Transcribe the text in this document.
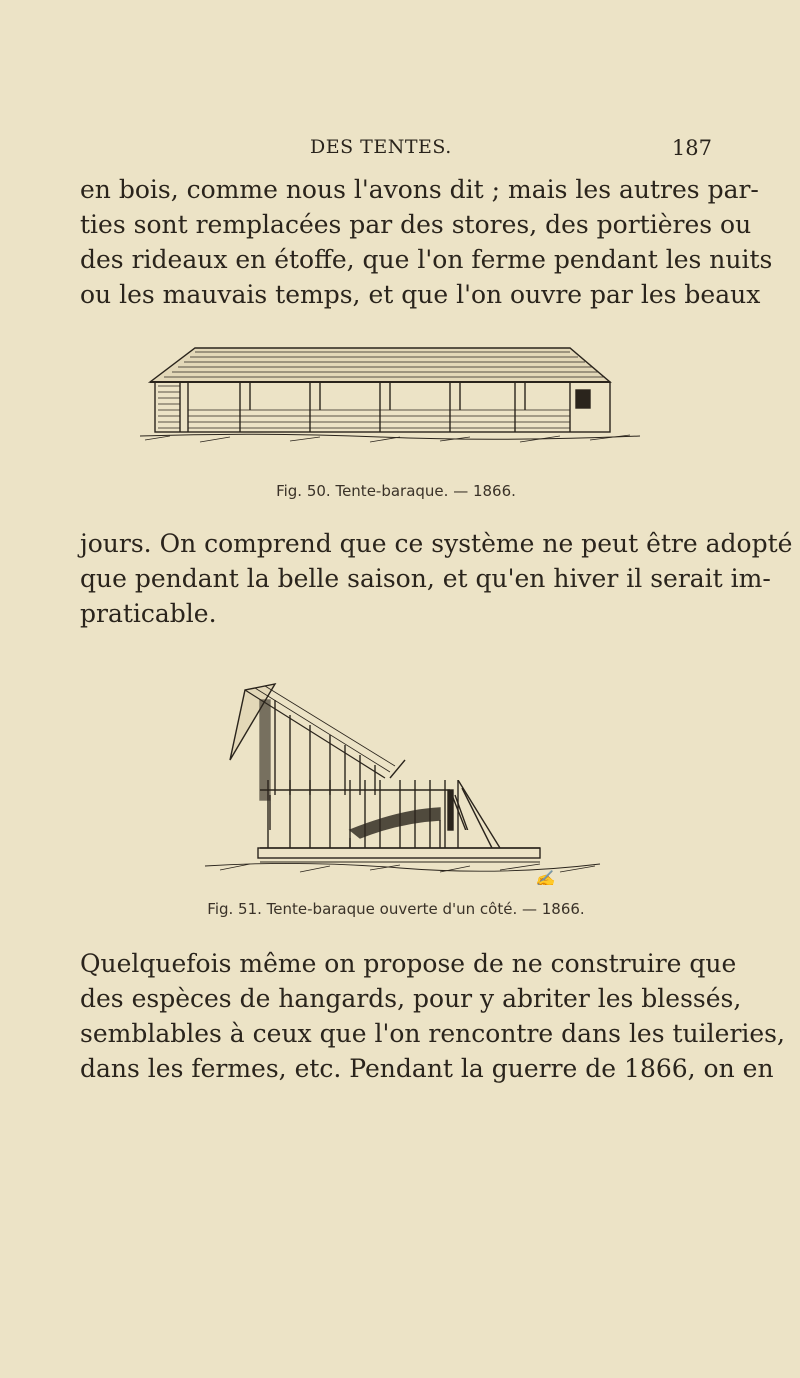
DES TENTES.	187
en bois, comme nous l'avons dit ; mais les autres par-
ties sont remplacées par des stores, des portières ou
des rideaux en étoffe, que l'on ferme pendant les nuits
ou les mauvais temps, et que l'on ouvre par les beaux
Fig. 50. Tente-baraque. — 1866.
jours. On comprend que ce système ne peut être adopté
que pendant la belle saison, et qu'en hiver il serait im-
praticable.
✍
Fig. 51. Tente-baraque ouverte d'un côté. — 1866.
Quelquefois même on propose de ne construire que
des espèces de hangards, pour y abriter les blessés,
semblables à ceux que l'on rencontre dans les tuileries,
dans les fermes, etc. Pendant la guerre de 1866, on en
